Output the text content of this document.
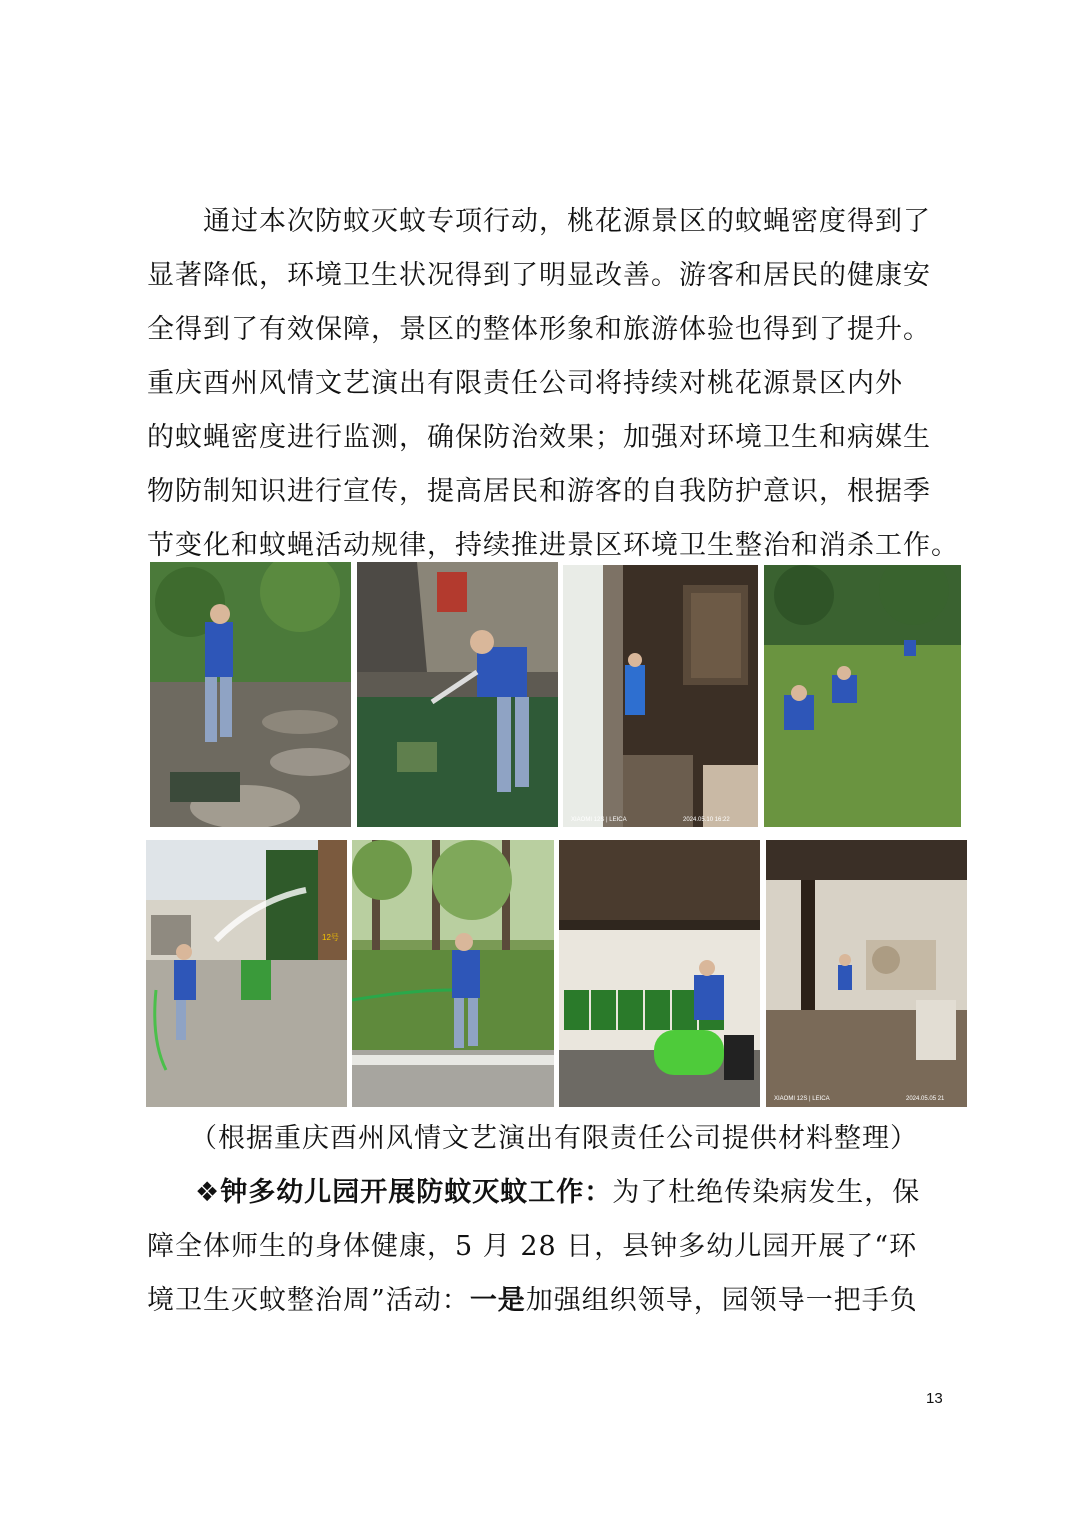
通过本次防蚊灭蚊专项行动，桃花源景区的蚊蝇密度得到了
显著降低，环境卫生状况得到了明显改善。游客和居民的健康安
全得到了有效保障，景区的整体形象和旅游体验也得到了提升。
重庆酉州风情文艺演出有限责任公司将持续对桃花源景区内外
的蚊蝇密度进行监测，确保防治效果；加强对环境卫生和病媒生
物防制知识进行宣传，提高居民和游客的自我防护意识，根据季
节变化和蚊蝇活动规律，持续推进景区环境卫生整治和消杀工作。
XIAOMI 12S | LEICA	2024.05.10 16:22
12号
XIAOMI 12S | LEICA	2024.05.05 21
（根据重庆酉州风情文艺演出有限责任公司提供材料整理）
❖钟多幼儿园开展防蚊灭蚊工作：为了杜绝传染病发生，保
障全体师生的身体健康，5 月 28 日，县钟多幼儿园开展了“环
境卫生灭蚊整治周”活动：一是加强组织领导，园领导一把手负
13
